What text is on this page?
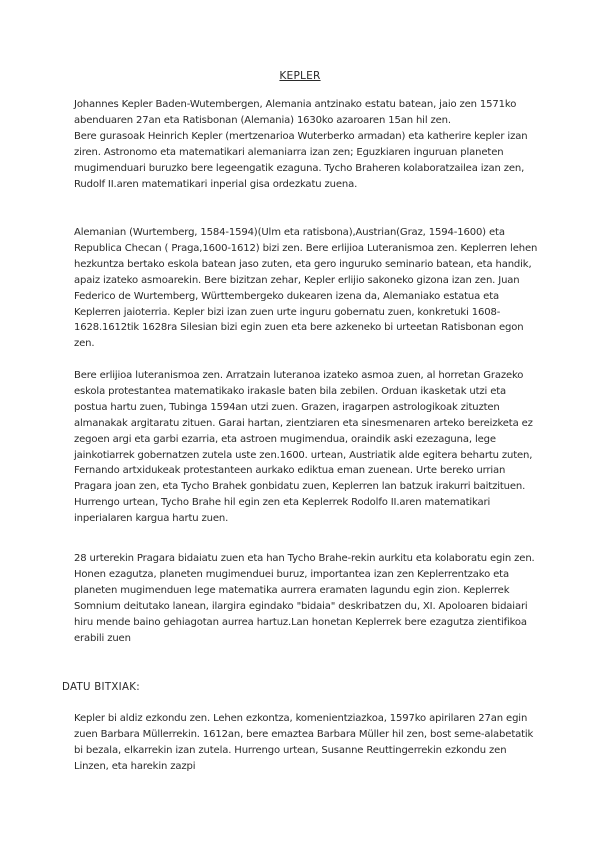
KEPLER

Johannes Kepler Baden-Wutembergen, Alemania antzinako estatu batean, jaio zen 1571ko abenduaren 27an eta Ratisbonan (Alemania) 1630ko azaroaren 15an hil zen.

Bere gurasoak Heinrich Kepler (mertzenarioa Wuterberko armadan) eta katherire kepler izan ziren. Astronomo eta matematikari alemaniarra izan zen; Eguzkiaren inguruan planeten mugimenduari buruzko bere legeengatik ezaguna. Tycho Braheren kolaboratzailea izan zen, Rudolf II.aren matematikari inperial gisa ordezkatu zuena.

Alemanian (Wurtemberg, 1584-1594)(Ulm eta ratisbona),Austrian(Graz, 1594-1600) eta Republica Checan ( Praga,1600-1612) bizi zen. Bere erlijioa Luteranismoa zen. Keplerren lehen hezkuntza bertako eskola batean jaso zuten, eta gero inguruko seminario batean, eta handik, apaiz izateko asmoarekin. Bere bizitzan zehar, Kepler erlijio sakoneko gizona izan zen. Juan Federico de Wurtemberg, Württembergeko dukearen izena da, Alemaniako estatua eta Keplerren jaioterria. Kepler bizi izan zuen urte inguru gobernatu zuen, konkretuki 1608-1628.1612tik 1628ra Silesian bizi egin zuen eta bere azkeneko bi urteetan Ratisbonan egon zen.

Bere erlijioa luteranismoa zen. Arratzain luteranoa izateko asmoa zuen, al horretan Grazeko eskola protestantea matematikako irakasle baten bila zebilen. Orduan ikasketak utzi eta postua hartu zuen, Tubinga 1594an utzi zuen. Grazen, iragarpen astrologikoak zituzten almanakak argitaratu zituen. Garai hartan, zientziaren eta sinesmenaren arteko bereizketa ez zegoen argi eta garbi ezarria, eta astroen mugimendua, oraindik aski ezezaguna, lege jainkotiarrek gobernatzen zutela uste zen.1600. urtean, Austriatik alde egitera behartu zuten, Fernando artxidukeak protestanteen aurkako ediktua eman zuenean. Urte bereko urrian Pragara joan zen, eta Tycho Brahek gonbidatu zuen, Keplerren lan batzuk irakurri baitzituen. Hurrengo urtean, Tycho Brahe hil egin zen eta Keplerrek Rodolfo II.aren matematikari inperialaren kargua hartu zuen.

28 urterekin Pragara bidaiatu zuen eta han Tycho Brahe-rekin aurkitu eta kolaboratu egin zen. Honen ezagutza, planeten mugimenduei buruz, importantea izan zen Keplerrentzako eta planeten mugimenduen lege matematika aurrera eramaten lagundu egin zion. Keplerrek Somnium deitutako lanean, ilargira egindako "bidaia" deskribatzen du, XI. Apoloaren bidaiari hiru mende baino gehiagotan aurrea hartuz.Lan honetan Keplerrek bere ezagutza zientifikoa erabili zuen

DATU BITXIAK:

Kepler bi aldiz ezkondu zen. Lehen ezkontza, komenientziazkoa, 1597ko apirilaren 27an egin zuen Barbara Müllerrekin. 1612an, bere emaztea Barbara Müller hil zen, bost seme-alabetatik bi bezala, elkarrekin izan zutela. Hurrengo urtean, Susanne Reuttingerrekin ezkondu zen Linzen, eta harekin zazpi
